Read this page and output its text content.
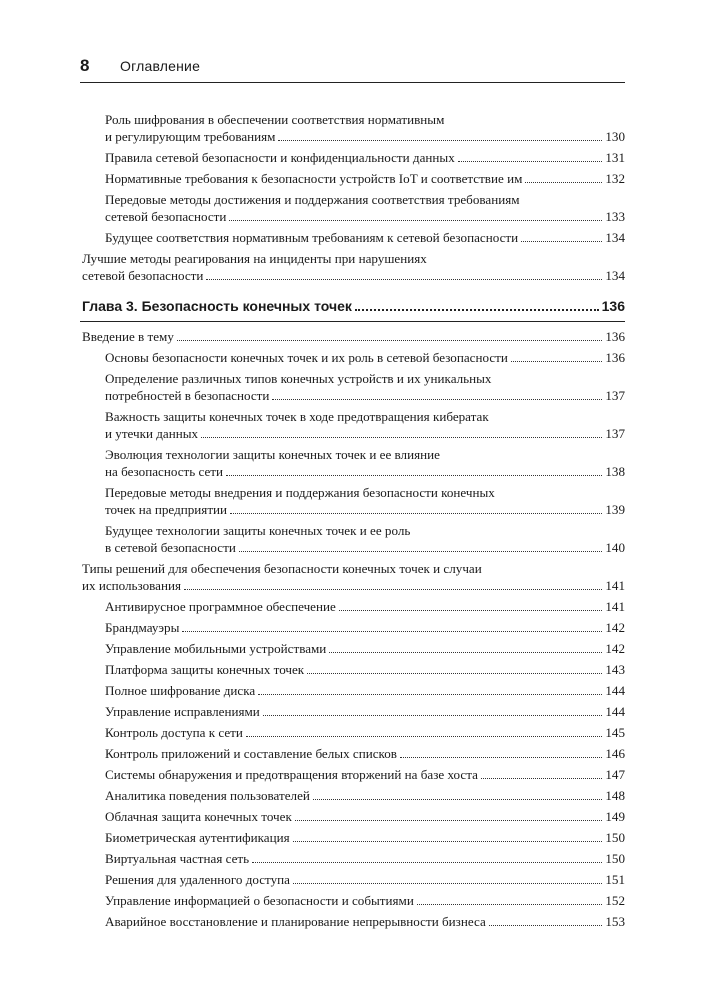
8	Оглавление
Роль шифрования в обеспечении соответствия нормативным
и регулирующим требованиям	130
Правила сетевой безопасности и конфиденциальности данных	131
Нормативные требования к безопасности устройств IoT и соответствие им	132
Передовые методы достижения и поддержания соответствия требованиям
сетевой безопасности	133
Будущее соответствия нормативным требованиям к сетевой безопасности	134
Лучшие методы реагирования на инциденты при нарушениях
сетевой безопасности	134
Глава 3. Безопасность конечных точек	136
Введение в тему	136
Основы безопасности конечных точек и их роль в сетевой безопасности	136
Определение различных типов конечных устройств и их уникальных
потребностей в безопасности	137
Важность защиты конечных точек в ходе предотвращения кибератак
и утечки данных	137
Эволюция технологии защиты конечных точек и ее влияние
на безопасность сети	138
Передовые методы внедрения и поддержания безопасности конечных
точек на предприятии	139
Будущее технологии защиты конечных точек и ее роль
в сетевой безопасности	140
Типы решений для обеспечения безопасности конечных точек и случаи
их использования	141
Антивирусное программное обеспечение	141
Брандмауэры	142
Управление мобильными устройствами	142
Платформа защиты конечных точек	143
Полное шифрование диска	144
Управление исправлениями	144
Контроль доступа к сети	145
Контроль приложений и составление белых списков	146
Системы обнаружения и предотвращения вторжений на базе хоста	147
Аналитика поведения пользователей	148
Облачная защита конечных точек	149
Биометрическая аутентификация	150
Виртуальная частная сеть	150
Решения для удаленного доступа	151
Управление информацией о безопасности и событиями	152
Аварийное восстановление и планирование непрерывности бизнеса	153
